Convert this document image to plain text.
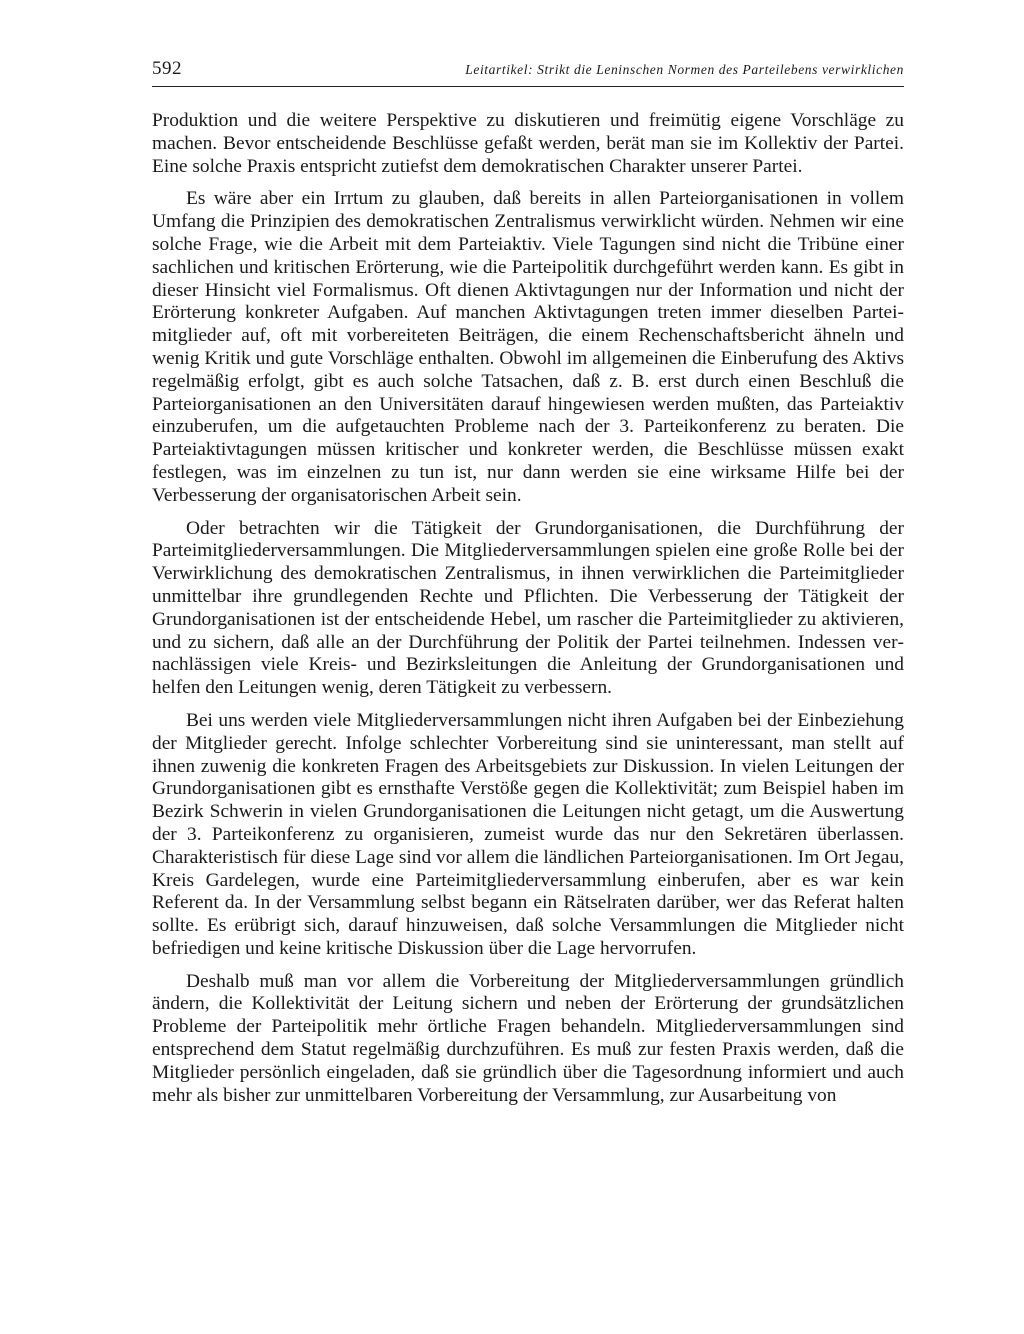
592	Leitartikel: Strikt die Leninschen Normen des Parteilebens verwirklichen

Produktion und die weitere Perspektive zu diskutieren und freimütig eigene Vorschläge zu machen. Bevor entscheidende Beschlüsse gefaßt werden, berät man sie im Kollektiv der Partei. Eine solche Praxis entspricht zutiefst dem demokratischen Charakter unserer Partei.

Es wäre aber ein Irrtum zu glauben, daß bereits in allen Parteiorganisationen in vollem Umfang die Prinzipien des demokratischen Zentralismus verwirklicht würden. Nehmen wir eine solche Frage, wie die Arbeit mit dem Parteiaktiv. Viele Tagungen sind nicht die Tribüne einer sachlichen und kritischen Erörterung, wie die Parteipolitik durchgeführt werden kann. Es gibt in dieser Hinsicht viel Formalismus. Oft dienen Aktivtagungen nur der Information und nicht der Erörterung konkreter Aufgaben. Auf manchen Aktivtagungen treten immer dieselben Parteimitglieder auf, oft mit vorbereiteten Beiträgen, die einem Rechenschaftsbericht ähneln und wenig Kritik und gute Vorschläge enthalten. Obwohl im allgemeinen die Einberufung des Aktivs regelmäßig erfolgt, gibt es auch solche Tatsachen, daß z. B. erst durch einen Beschluß die Parteiorganisationen an den Universitäten darauf hingewiesen werden mußten, das Parteiaktiv einzuberufen, um die aufgetauchten Probleme nach der 3. Parteikonferenz zu beraten. Die Parteiaktivtagungen müssen kritischer und konkreter werden, die Beschlüsse müssen exakt festlegen, was im einzelnen zu tun ist, nur dann werden sie eine wirksame Hilfe bei der Verbesserung der organisatorischen Arbeit sein.

Oder betrachten wir die Tätigkeit der Grundorganisationen, die Durchführung der Parteimitgliederversammlungen. Die Mitgliederversammlungen spielen eine große Rolle bei der Verwirklichung des demokratischen Zentralismus, in ihnen verwirklichen die Parteimitglieder unmittelbar ihre grundlegenden Rechte und Pflichten. Die Verbesserung der Tätigkeit der Grundorganisationen ist der entscheidende Hebel, um rascher die Parteimitglieder zu aktivieren, und zu sichern, daß alle an der Durchführung der Politik der Partei teilnehmen. Indessen vernachlässigen viele Kreis- und Bezirksleitungen die Anleitung der Grundorganisationen und helfen den Leitungen wenig, deren Tätigkeit zu verbessern.

Bei uns werden viele Mitgliederversammlungen nicht ihren Aufgaben bei der Einbeziehung der Mitglieder gerecht. Infolge schlechter Vorbereitung sind sie uninteressant, man stellt auf ihnen zuwenig die konkreten Fragen des Arbeitsgebiets zur Diskussion. In vielen Leitungen der Grundorganisationen gibt es ernsthafte Verstöße gegen die Kollektivität; zum Beispiel haben im Bezirk Schwerin in vielen Grundorganisationen die Leitungen nicht getagt, um die Auswertung der 3. Parteikonferenz zu organisieren, zumeist wurde das nur den Sekretären überlassen. Charakteristisch für diese Lage sind vor allem die ländlichen Parteiorganisationen. Im Ort Jegau, Kreis Gardelegen, wurde eine Parteimitgliederversammlung einberufen, aber es war kein Referent da. In der Versammlung selbst begann ein Rätselraten darüber, wer das Referat halten sollte. Es erübrigt sich, darauf hinzuweisen, daß solche Versammlungen die Mitglieder nicht befriedigen und keine kritische Diskussion über die Lage hervorrufen.

Deshalb muß man vor allem die Vorbereitung der Mitgliederversammlungen gründlich ändern, die Kollektivität der Leitung sichern und neben der Erörterung der grundsätzlichen Probleme der Parteipolitik mehr örtliche Fragen behandeln. Mitgliederversammlungen sind entsprechend dem Statut regelmäßig durchzuführen. Es muß zur festen Praxis werden, daß die Mitglieder persönlich eingeladen, daß sie gründlich über die Tagesordnung informiert und auch mehr als bisher zur unmittelbaren Vorbereitung der Versammlung, zur Ausarbeitung von
